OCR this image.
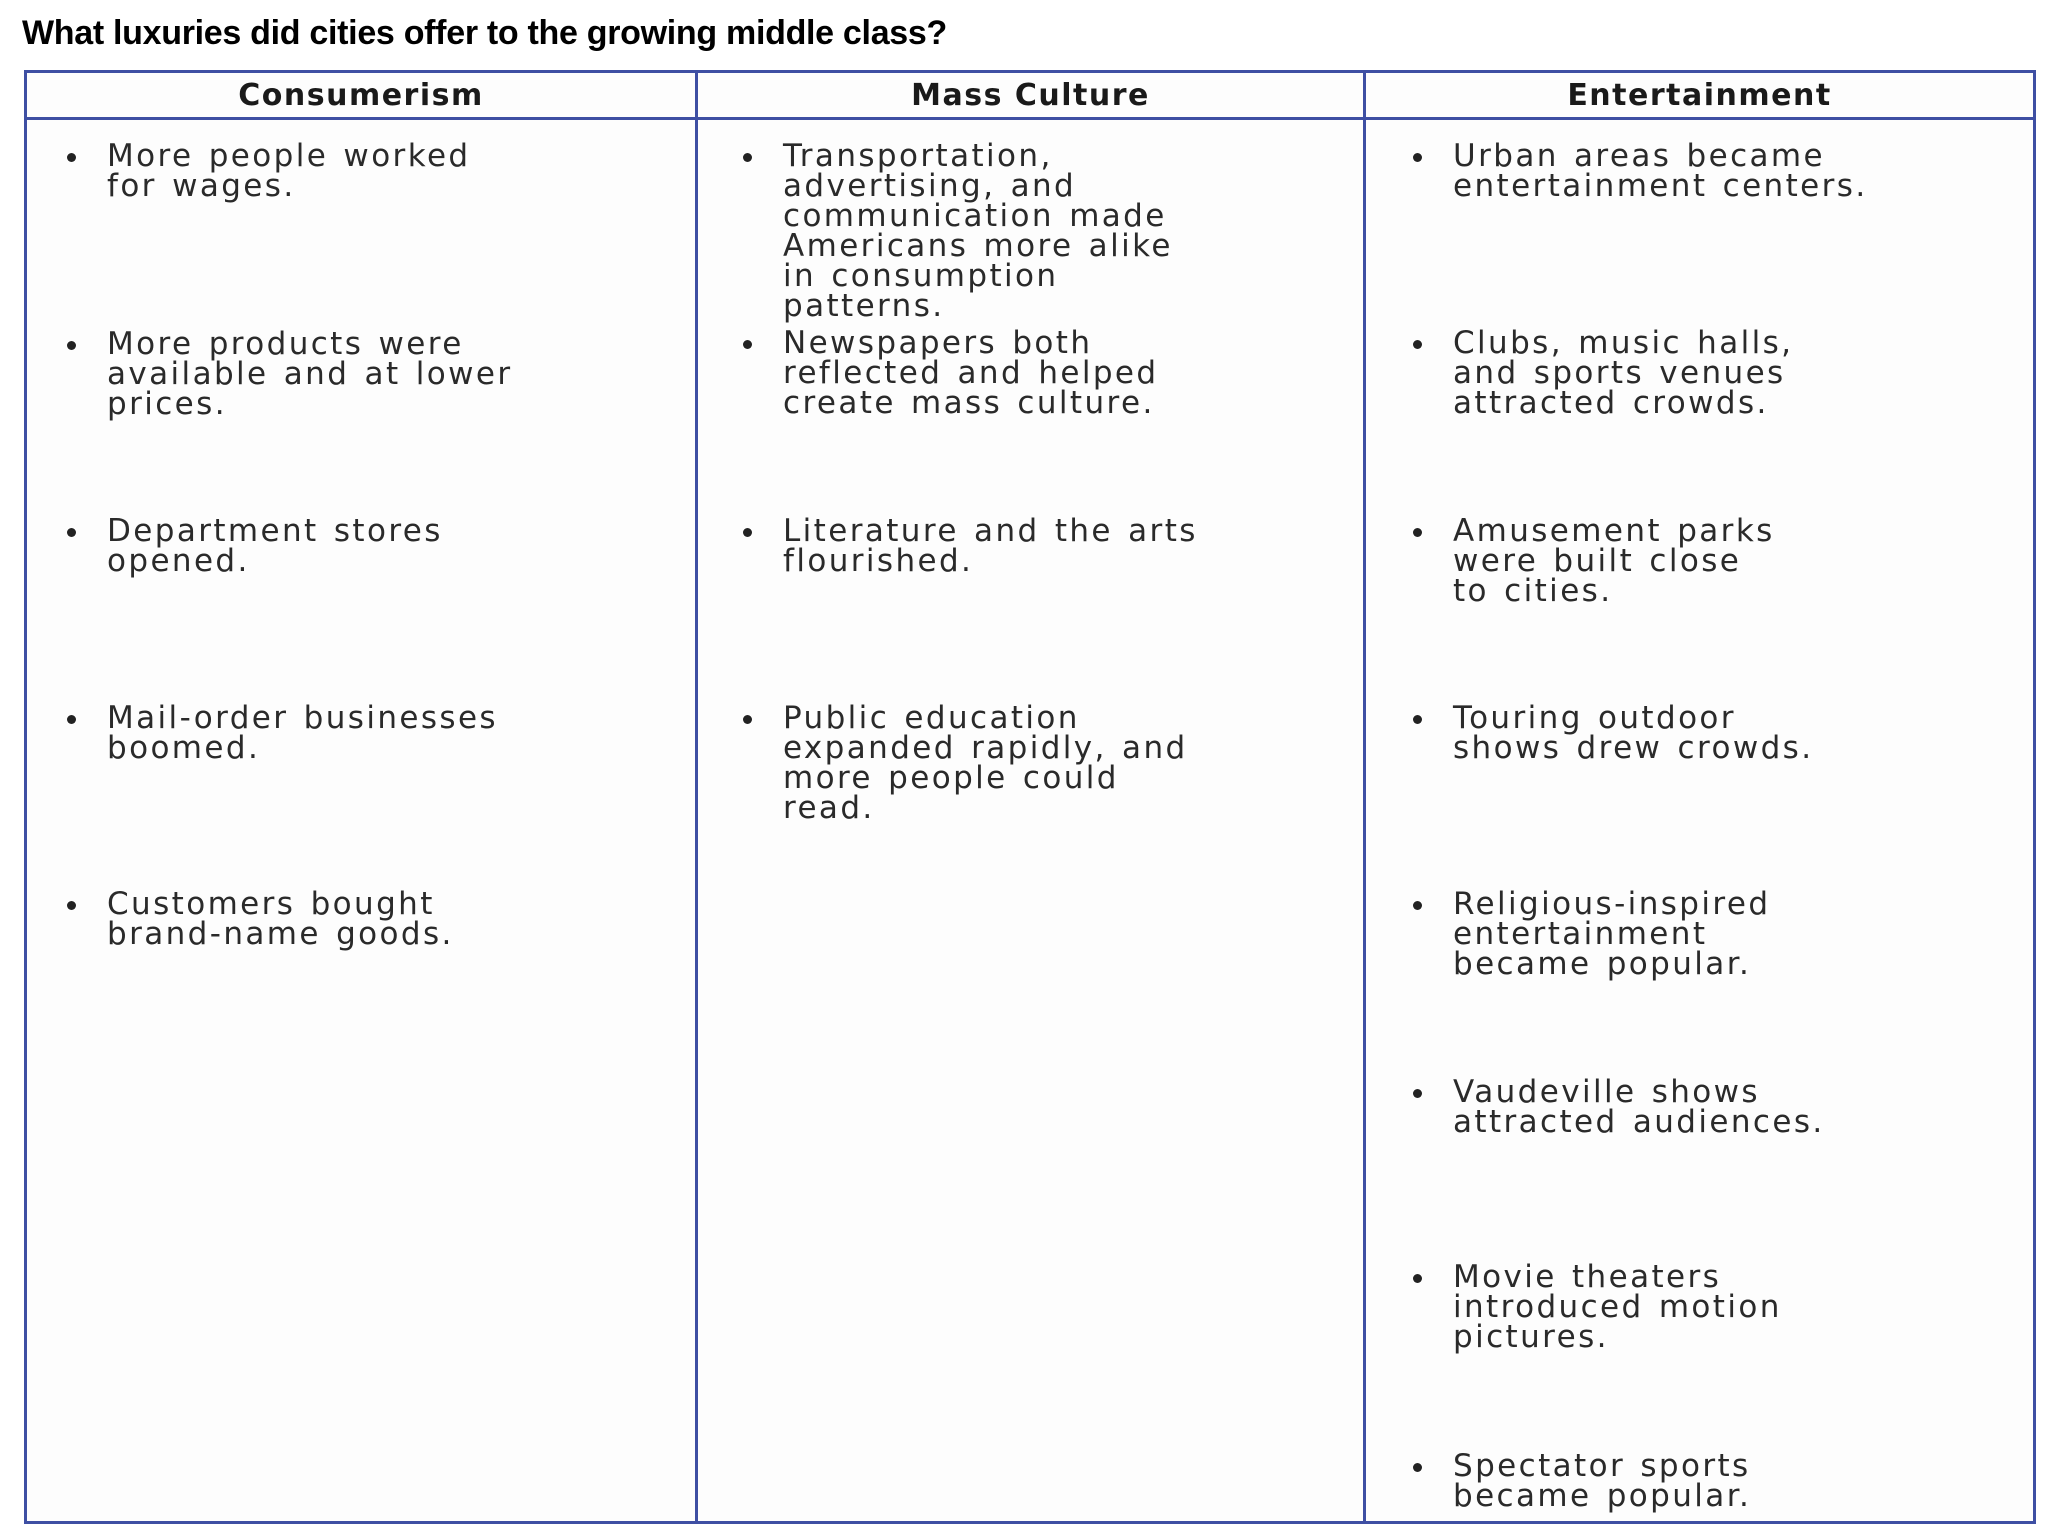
What luxuries did cities offer to the growing middle class?
Consumerism	Mass Culture	Entertainment
More people worked
for wages.
More products were
available and at lower
prices.
Department stores
opened.
Mail-order businesses
boomed.
Customers bought
brand-name goods.
Transportation,
advertising, and
communication made
Americans more alike
in consumption
patterns.
Newspapers both
reflected and helped
create mass culture.
Literature and the arts
flourished.
Public education
expanded rapidly, and
more people could
read.
Urban areas became
entertainment centers.
Clubs, music halls,
and sports venues
attracted crowds.
Amusement parks
were built close
to cities.
Touring outdoor
shows drew crowds.
Religious-inspired
entertainment
became popular.
Vaudeville shows
attracted audiences.
Movie theaters
introduced motion
pictures.
Spectator sports
became popular.
